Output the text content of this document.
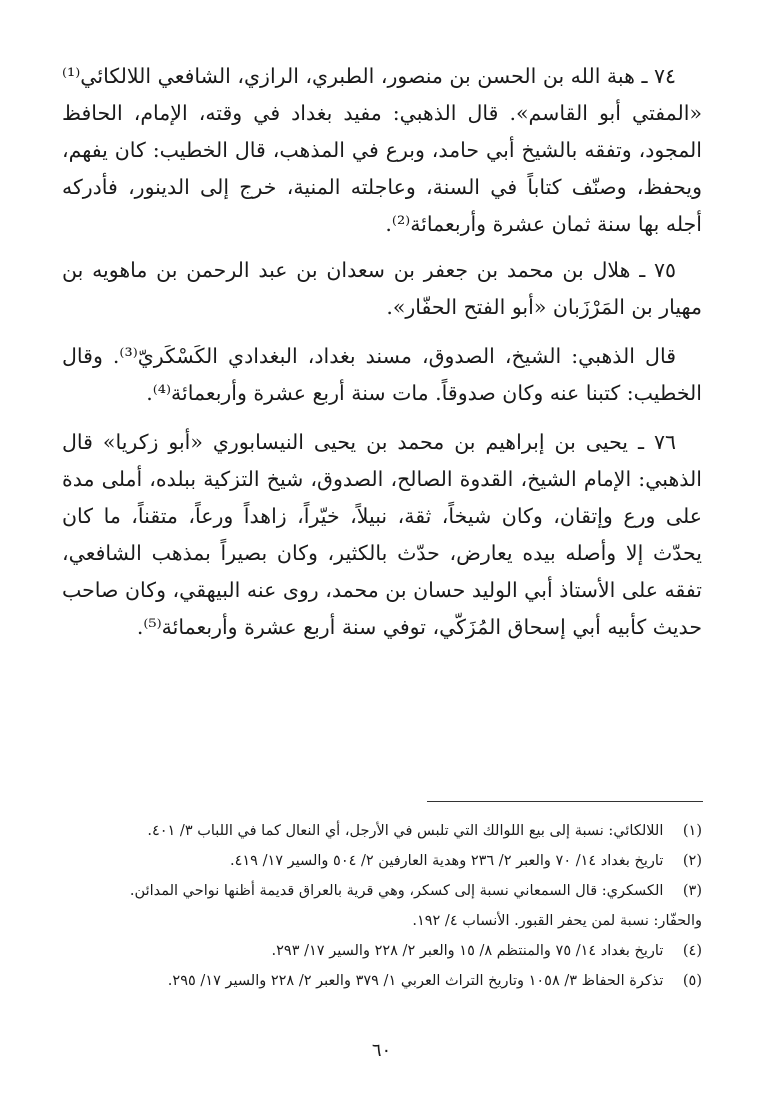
٧٤ ـ هبة الله بن الحسن بن منصور، الطبري، الرازي، الشافعي اللالكائي⁽¹⁾ «المفتي أبو القاسم». قال الذهبي: مفيد بغداد في وقته، الإمام، الحافظ المجود، وتفقه بالشيخ أبي حامد، وبرع في المذهب، قال الخطيب: كان يفهم، ويحفظ، وصنّف كتاباً في السنة، وعاجلته المنية، خرج إلى الدينور، فأدركه أجله بها سنة ثمان عشرة وأربعمائة⁽²⁾.

٧٥ ـ هلال بن محمد بن جعفر بن سعدان بن عبد الرحمن بن ماهويه بن مهيار بن المَرْزَبان «أبو الفتح الحفّار».

قال الذهبي: الشيخ، الصدوق، مسند بغداد، البغدادي الكَسْكَريّ⁽³⁾. وقال الخطيب: كتبنا عنه وكان صدوقاً. مات سنة أربع عشرة وأربعمائة⁽⁴⁾.

٧٦ ـ يحيى بن إبراهيم بن محمد بن يحيى النيسابوري «أبو زكريا» قال الذهبي: الإمام الشيخ، القدوة الصالح، الصدوق، شيخ التزكية ببلده، أملى مدة على ورع وإتقان، وكان شيخاً، ثقة، نبيلاً، خيّراً، زاهداً ورعاً، متقناً، ما كان يحدّث إلا وأصله بيده يعارض، حدّث بالكثير، وكان بصيراً بمذهب الشافعي، تفقه على الأستاذ أبي الوليد حسان بن محمد، روى عنه البيهقي، وكان صاحب حديث كأبيه أبي إسحاق المُزَكّي، توفي سنة أربع عشرة وأربعمائة⁽⁵⁾.

(١) اللالكائي: نسبة إلى بيع اللوالك التي تلبس في الأرجل، أي النعال كما في اللباب ٣/ ٤٠١.

(٢) تاريخ بغداد ١٤/ ٧٠ والعبر ٢/ ٢٣٦ وهدية العارفين ٢/ ٥٠٤ والسير ١٧/ ٤١٩.

(٣) الكسكري: قال السمعاني نسبة إلى كسكر، وهي قرية بالعراق قديمة أظنها نواحي المدائن.

والحفّار: نسبة لمن يحفر القبور. الأنساب ٤/ ١٩٢.

(٤) تاريخ بغداد ١٤/ ٧٥ والمنتظم ٨/ ١٥ والعبر ٢/ ٢٢٨ والسير ١٧/ ٢٩٣.

(٥) تذكرة الحفاظ ٣/ ١٠٥٨ وتاريخ التراث العربي ١/ ٣٧٩ والعبر ٢/ ٢٢٨ والسير ١٧/ ٢٩٥.

٦٠
